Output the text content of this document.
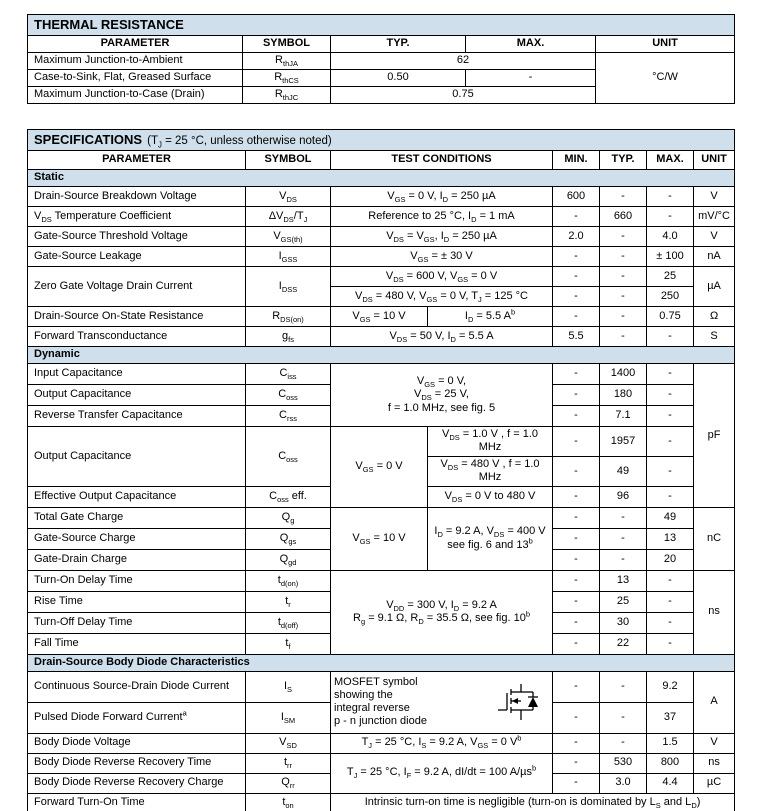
THERMAL RESISTANCE				
PARAMETER	SYMBOL	TYP.	MAX.	UNIT
Maximum Junction-to-Ambient	$R_{thJA}$	62		°C/W
Case-to-Sink, Flat, Greased Surface	$R_{thCS}$	0.50	-	
Maximum Junction-to-Case (Drain)	$R_{thJC}$	0.75		
SPECIFICATIONS ($T_J = 25$ °C, unless otherwise noted)							
PARAMETER	SYMBOL	TEST CONDITIONS		MIN.	TYP.	MAX.	UNIT
Static							
Drain-Source Breakdown Voltage	$V_{DS}$	$V_{GS} = 0$ V, $I_D = 250$ µA		600	-	-	V
$V_{DS}$ Temperature Coefficient	$\Delta V_{DS}/T_J$	Reference to 25 °C, $I_D = 1$ mA		-	660	-	mV/°C
Gate-Source Threshold Voltage	$V_{GS(th)}$	$V_{DS} = V_{GS}$, $I_D = 250$ µA		2.0	-	4.0	V
Gate-Source Leakage	$I_{GSS}$	$V_{GS}$ = ± 30 V		-	-	± 100	nA
Zero Gate Voltage Drain Current	$I_{DSS}$	$V_{DS} = 600$ V, $V_{GS} = 0$ V		-	-	25	µA
		$V_{DS} = 480$ V, $V_{GS} = 0$ V, $T_J = 125$ °C		-	-	250	
Drain-Source On-State Resistance	$R_{DS(on)}$	$V_{GS} = 10$ V	$I_D = 5.5$ $A^b$	-	-	0.75	Ω
Forward Transconductance	$g_{fs}$	$V_{DS} = 50$ V, $I_D = 5.5$ A		5.5	-	-	S
Dynamic							
Input Capacitance	$C_{iss}$	$V_{GS} = 0$ V,
$V_{DS} = 25$ V,
f = 1.0 MHz, see fig. 5		-	1400	-	pF
Output Capacitance	$C_{oss}$			-	180	-	
Reverse Transfer Capacitance	$C_{rss}$			-	7.1	-	
Output Capacitance	$C_{oss}$	$V_{GS} = 0$ V	$V_{DS} = 1.0$ V , f = 1.0 MHz	-	1957	-	
			$V_{DS} = 480$ V , f = 1.0 MHz	-	49	-	
Effective Output Capacitance	$C_{oss}$ eff.		$V_{DS} = 0$ V to 480 V	-	96	-	
Total Gate Charge	$Q_g$	$V_{GS} = 10$ V	$I_D = 9.2$ A, $V_{DS} = 400$ V
see fig. 6 and 13$^b$	-	-	49	nC
Gate-Source Charge	$Q_{gs}$			-	-	13	
Gate-Drain Charge	$Q_{gd}$			-	-	20	
Turn-On Delay Time	$t_{d(on)}$	$V_{DD} = 300$ V, $I_D = 9.2$ A
$R_g = 9.1$ Ω, $R_D = 35.5$ Ω, see fig. 10$^b$		-	13	-	ns
Rise Time	$t_r$			-	25	-	
Turn-Off Delay Time	$t_{d(off)}$			-	30	-	
Fall Time	$t_f$			-	22	-	
Drain-Source Body Diode Characteristics							
Continuous Source-Drain Diode Current	$I_S$	MOSFET symbol
showing the
integral reverse
p - n junction diode		-	-	9.2	A
Pulsed Diode Forward Current$^a$	$I_{SM}$			-	-	37	
Body Diode Voltage	$V_{SD}$	$T_J = 25$ °C, $I_S = 9.2$ A, $V_{GS} = 0$ $V^b$		-	-	1.5	V
Body Diode Reverse Recovery Time	$t_{rr}$	$T_J = 25$ °C, $I_F = 9.2$ A, dI/dt = 100 A/µs$^b$		-	530	800	ns
Body Diode Reverse Recovery Charge	$Q_{rr}$			-	3.0	4.4	µC
Forward Turn-On Time	$t_{on}$	Intrinsic turn-on time is negligible (turn-on is dominated by $L_S$ and $L_D$)					
